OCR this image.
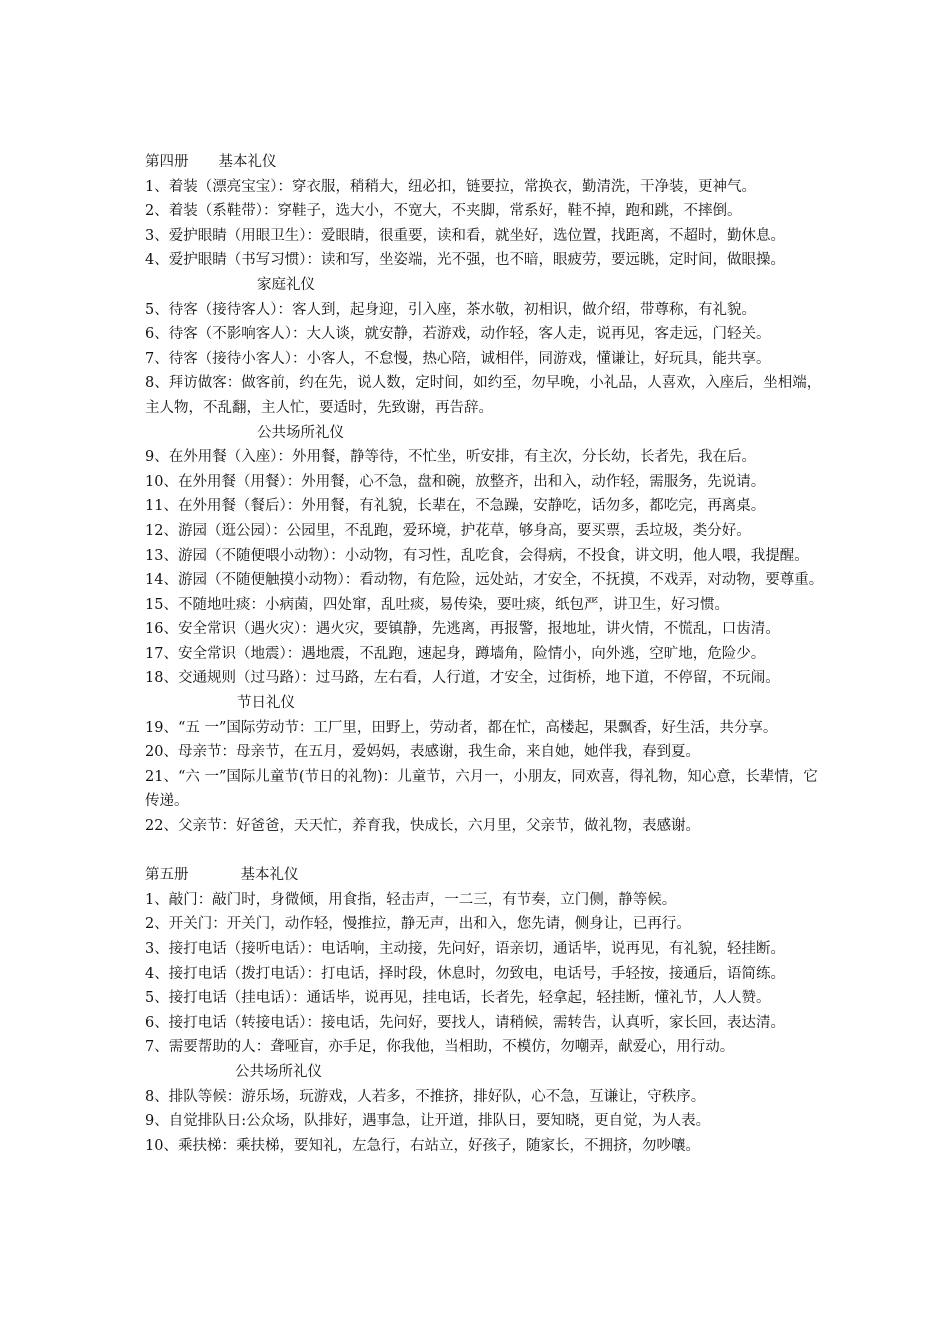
第四册 基本礼仪
1、着装（漂亮宝宝）：穿衣服，稍稍大，纽必扣，链要拉，常换衣，勤清洗，干净装，更神气。
2、着装（系鞋带）：穿鞋子，选大小，不宽大，不夹脚，常系好，鞋不掉，跑和跳，不摔倒。
3、爱护眼睛（用眼卫生）：爱眼睛，很重要，读和看，就坐好，选位置，找距离，不超时，勤休息。
4、爱护眼睛（书写习惯）：读和写，坐姿端，光不强，也不暗，眼疲劳，要远眺，定时间，做眼操。
家庭礼仪
5、待客（接待客人）：客人到，起身迎，引入座，茶水敬，初相识，做介绍，带尊称，有礼貌。
6、待客（不影响客人）：大人谈，就安静，若游戏，动作轻，客人走，说再见，客走远，门轻关。
7、待客（接待小客人）：小客人，不怠慢，热心陪，诚相伴，同游戏，懂谦让，好玩具，能共享。
8、拜访做客：做客前，约在先，说人数，定时间，如约至，勿早晚，小礼品，人喜欢，入座后，坐相端，主人物，不乱翻，主人忙，要适时，先致谢，再告辞。
公共场所礼仪
9、在外用餐（入座）：外用餐，静等待，不忙坐，听安排，有主次，分长幼，长者先，我在后。
10、在外用餐（用餐）：外用餐，心不急，盘和碗，放整齐，出和入，动作轻，需服务，先说请。
11、在外用餐（餐后）：外用餐，有礼貌，长辈在，不急躁，安静吃，话勿多，都吃完，再离桌。
12、游园（逛公园）：公园里，不乱跑，爱环境，护花草，够身高，要买票，丢垃圾，类分好。
13、游园（不随便喂小动物）：小动物，有习性，乱吃食，会得病，不投食，讲文明，他人喂，我提醒。
14、游园（不随便触摸小动物）：看动物，有危险，远处站，才安全，不抚摸，不戏弄，对动物，要尊重。
15、不随地吐痰：小病菌，四处窜，乱吐痰，易传染，要吐痰，纸包严，讲卫生，好习惯。
16、安全常识（遇火灾）：遇火灾，要镇静，先逃离，再报警，报地址，讲火情，不慌乱，口齿清。
17、安全常识（地震）：遇地震，不乱跑，速起身，蹲墙角，险情小，向外逃，空旷地，危险少。
18、交通规则（过马路）：过马路，左右看，人行道，才安全，过街桥，地下道，不停留，不玩闹。
节日礼仪
19、“五 一”国际劳动节：工厂里，田野上，劳动者，都在忙，高楼起，果飘香，好生活，共分享。
20、母亲节：母亲节，在五月，爱妈妈，表感谢，我生命，来自她，她伴我，春到夏。
21、“六 一”国际儿童节(节日的礼物)：儿童节，六月一，小朋友，同欢喜，得礼物，知心意，长辈情，它传递。
22、父亲节：好爸爸，天天忙，养育我，快成长，六月里，父亲节，做礼物，表感谢。
第五册	基本礼仪
1、敲门：敲门时，身微倾，用食指，轻击声，一二三，有节奏，立门侧，静等候。
2、开关门：开关门，动作轻，慢推拉，静无声，出和入，您先请，侧身让，已再行。
3、接打电话（接听电话）：电话响，主动接，先问好，语亲切，通话毕，说再见，有礼貌，轻挂断。
4、接打电话（拨打电话）：打电话，择时段，休息时，勿致电，电话号，手轻按，接通后，语简练。
5、接打电话（挂电话）：通话毕，说再见，挂电话，长者先，轻拿起，轻挂断，懂礼节，人人赞。
6、接打电话（转接电话）：接电话，先问好，要找人，请稍候，需转告，认真听，家长回，表达清。
7、需要帮助的人：聋哑盲，亦手足，你我他，当相助，不模仿，勿嘲弄，献爱心，用行动。
公共场所礼仪
8、排队等候：游乐场，玩游戏，人若多，不推挤，排好队，心不急，互谦让，守秩序。
9、自觉排队日:公众场，队排好，遇事急，让开道，排队日，要知晓，更自觉，为人表。
10、乘扶梯：乘扶梯，要知礼，左急行，右站立，好孩子，随家长，不拥挤，勿吵嚷。
